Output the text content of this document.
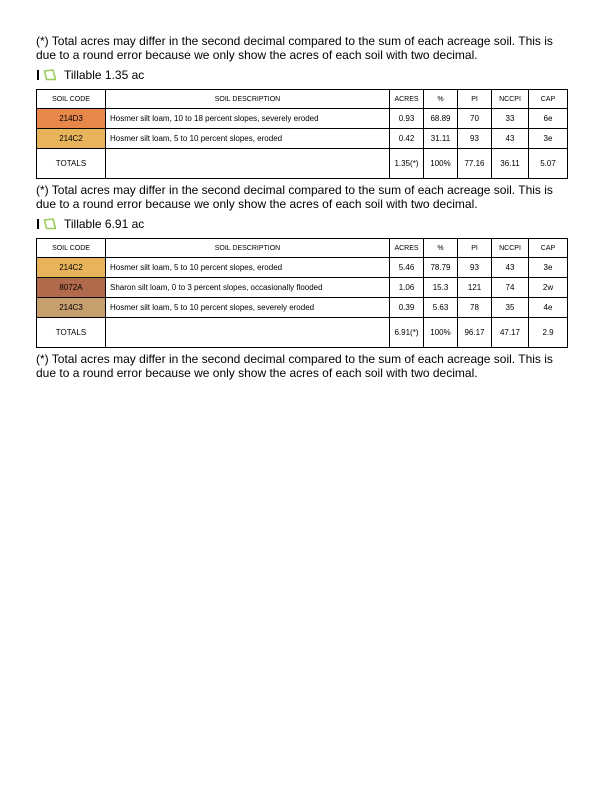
(*) Total acres may differ in the second decimal compared to the sum of each acreage soil. This is due to a round error because we only show the acres of each soil with two decimal.

Tillable 1.35 ac
SOIL CODE	SOIL DESCRIPTION	ACRES	%	PI	NCCPI	CAP
214D3	Hosmer silt loam, 10 to 18 percent slopes, severely eroded	0.93	68.89	70	33	6e
214C2	Hosmer silt loam, 5 to 10 percent slopes, eroded	0.42	31.11	93	43	3e
TOTALS		1.35(*)	100%	77.16	36.11	5.07

(*) Total acres may differ in the second decimal compared to the sum of each acreage soil. This is due to a round error because we only show the acres of each soil with two decimal.

Tillable 6.91 ac
SOIL CODE	SOIL DESCRIPTION	ACRES	%	PI	NCCPI	CAP
214C2	Hosmer silt loam, 5 to 10 percent slopes, eroded	5.46	78.79	93	43	3e
8072A	Sharon silt loam, 0 to 3 percent slopes, occasionally flooded	1.06	15.3	121	74	2w
214C3	Hosmer silt loam, 5 to 10 percent slopes, severely eroded	0.39	5.63	78	35	4e
TOTALS		6.91(*)	100%	96.17	47.17	2.9

(*) Total acres may differ in the second decimal compared to the sum of each acreage soil. This is due to a round error because we only show the acres of each soil with two decimal.
